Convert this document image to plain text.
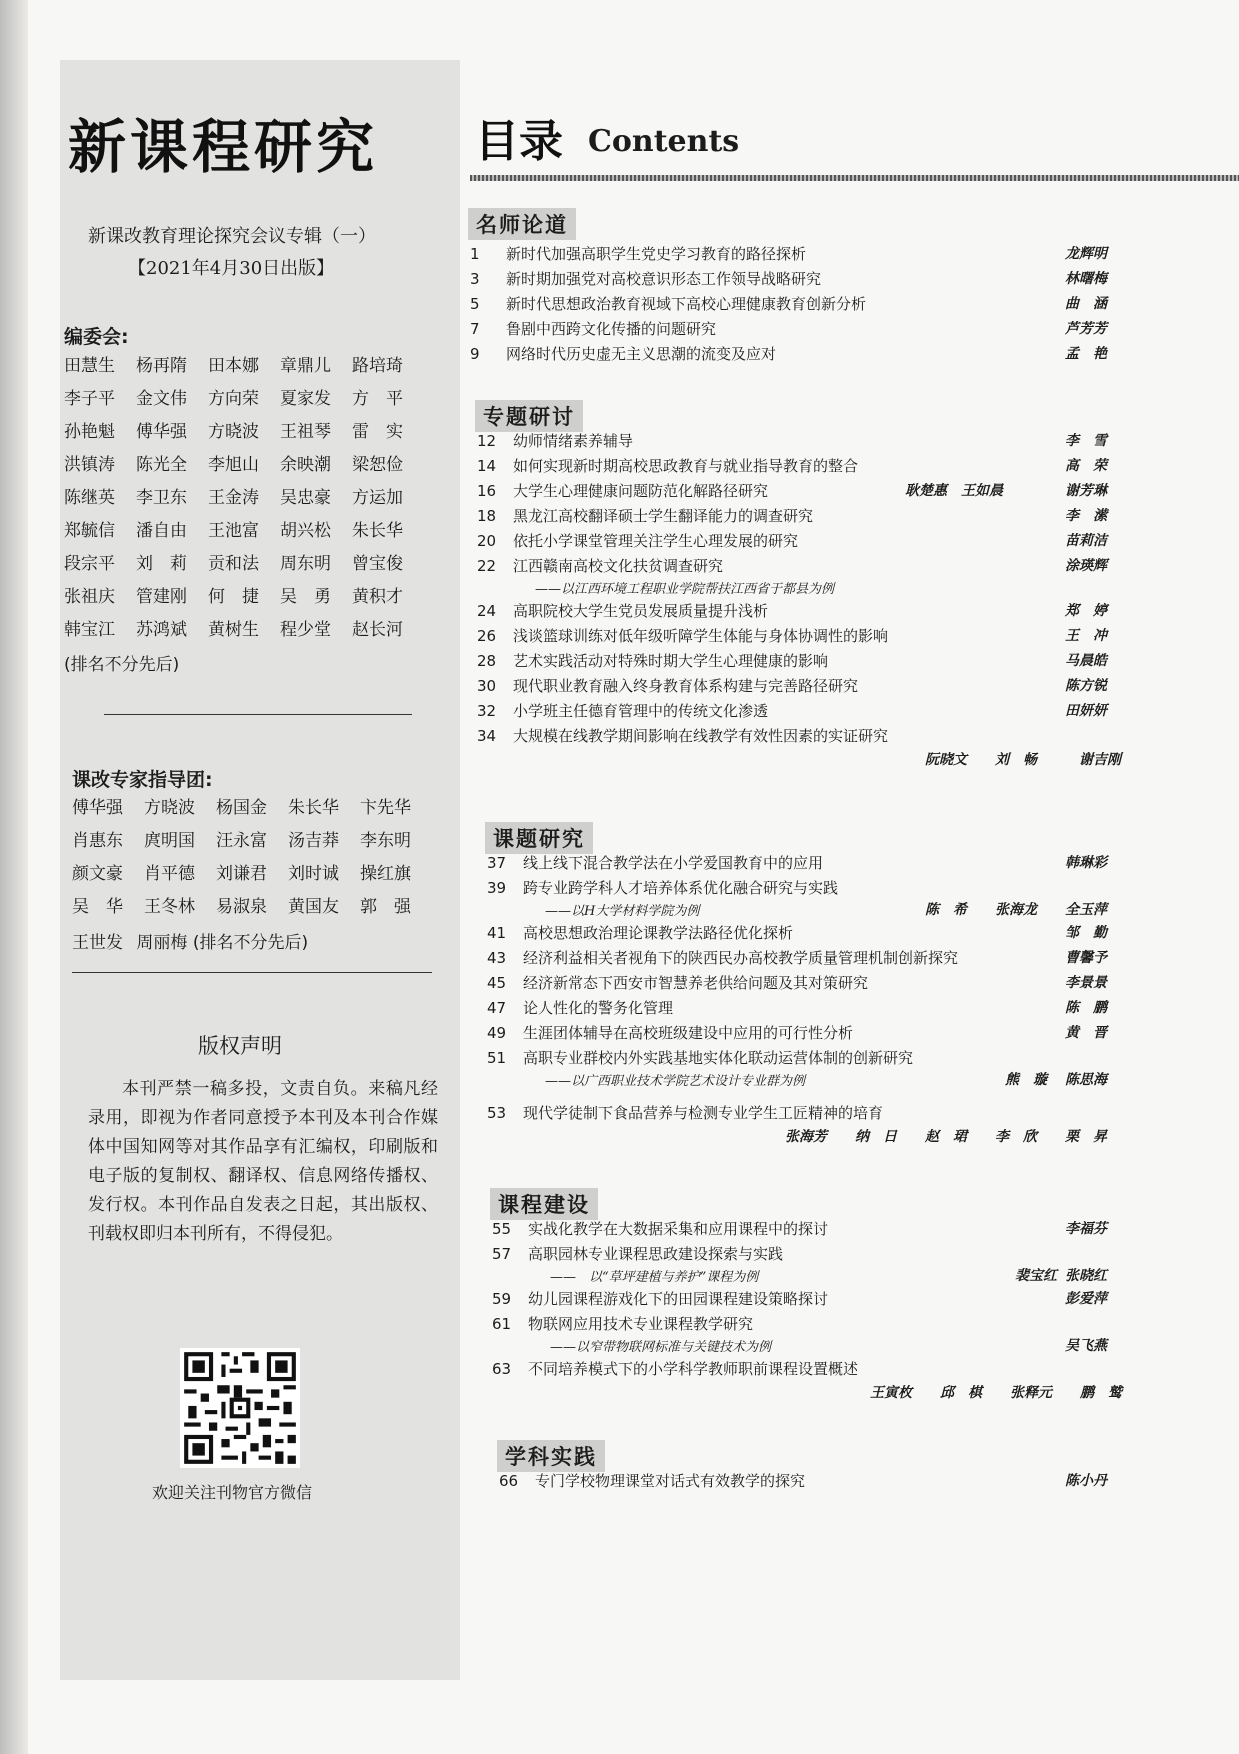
新课程研究
新课改教育理论探究会议专辑（一）
【2021年4月30日出版】
编委会:
田慧生	杨再隋	田本娜	章鼎儿	路培琦
李子平	金文伟	方向荣	夏家发	方　平
孙艳魁	傅华强	方晓波	王祖琴	雷　实
洪镇涛	陈光全	李旭山	余映潮	梁恕俭
陈继英	李卫东	王金涛	吴忠豪	方运加
郑毓信	潘自由	王池富	胡兴松	朱长华
段宗平	刘　莉	贡和法	周东明	曾宝俊
张祖庆	管建刚	何　捷	吴　勇	黄积才
韩宝江	苏鸿斌	黄树生	程少堂	赵长河
(排名不分先后)
课改专家指导团:
傅华强	方晓波	杨国金	朱长华	卞先华
肖惠东	庹明国	汪永富	汤吉莽	李东明
颜文豪	肖平德	刘谦君	刘时诚	操红旗
吴　华	王冬林	易淑泉	黄国友	郭　强
王世发 周丽梅 (排名不分先后)
版权声明
本刊严禁一稿多投，文责自负。来稿凡经录用，即视为作者同意授予本刊及本刊合作媒体中国知网等对其作品享有汇编权，印刷版和电子版的复制权、翻译权、信息网络传播权、发行权。本刊作品自发表之日起，其出版权、刊载权即归本刊所有，不得侵犯。
欢迎关注刊物官方微信
目录 Contents
名师论道
1 新时代加强高职学生党史学习教育的路径探析	龙辉明
3 新时期加强党对高校意识形态工作领导战略研究	林曙梅
5 新时代思想政治教育视域下高校心理健康教育创新分析	曲　涵
7 鲁剧中西跨文化传播的问题研究	芦芳芳
9 网络时代历史虚无主义思潮的流变及应对	孟　艳
专题研讨
12 幼师情绪素养辅导	李　雪
14 如何实现新时期高校思政教育与就业指导教育的整合	高　荣
16 大学生心理健康问题防范化解路径研究	耿楚惠　王如晨	谢芳琳
18 黑龙江高校翻译硕士学生翻译能力的调查研究	李　潆
20 依托小学课堂管理关注学生心理发展的研究	苗莉洁
22 江西赣南高校文化扶贫调查研究
——以江西环境工程职业学院帮扶江西省于都县为例
涂瑛辉
24 高职院校大学生党员发展质量提升浅析	郑　婷
26 浅谈篮球训练对低年级听障学生体能与身体协调性的影响	王　冲
28 艺术实践活动对特殊时期大学生心理健康的影响	马晨皓
30 现代职业教育融入终身教育体系构建与完善路径研究	陈方锐
32 小学班主任德育管理中的传统文化渗透	田妍妍
34 大规模在线教学期间影响在线教学有效性因素的实证研究
阮晓文　　刘　畅　　　谢吉刚
课题研究
37 线上线下混合教学法在小学爱国教育中的应用	韩琳彩
39 跨专业跨学科人才培养体系优化融合研究与实践
——以H大学材料学院为例	陈　希　　张海龙 全玉萍
41 高校思想政治理论课教学法路径优化探析	邹　勤
43 经济利益相关者视角下的陕西民办高校教学质量管理机制创新探究	曹馨予
45 经济新常态下西安市智慧养老供给问题及其对策研究	李景景
47 论人性化的警务化管理	陈　鹏
49 生涯团体辅导在高校班级建设中应用的可行性分析	黄　晋
51 高职专业群校内外实践基地实体化联动运营体制的创新研究
——以广西职业技术学院艺术设计专业群为例	熊　璇 陈思海
53 现代学徒制下食品营养与检测专业学生工匠精神的培育
张海芳　　纳　日　　赵　珺　　李　欣　　栗　昇
课程建设
55 实战化教学在大数据采集和应用课程中的探讨	李福芬
57 高职园林专业课程思政建设探索与实践
——　以“草坪建植与养护”课程为例	裴宝红 张晓红
59 幼儿园课程游戏化下的田园课程建设策略探讨	彭爱萍
61 物联网应用技术专业课程教学研究
——以窄带物联网标准与关键技术为例	吴飞燕
63 不同培养模式下的小学科学教师职前课程设置概述
王寅枚　　邱　棋　　张释元　　鹏　鹫
学科实践
66 专门学校物理课堂对话式有效教学的探究	陈小丹
